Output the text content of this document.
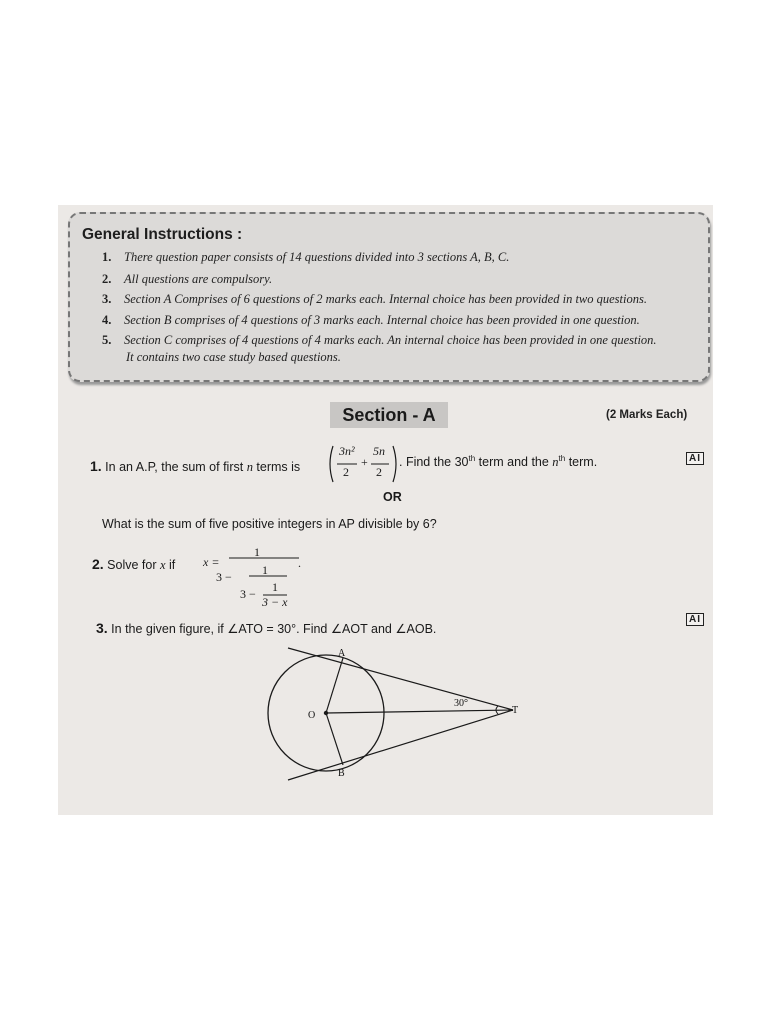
General Instructions :
1. There question paper consists of 14 questions divided into 3 sections A, B, C.
2. All questions are compulsory.
3. Section A Comprises of 6 questions of 2 marks each. Internal choice has been provided in two questions.
4. Section B comprises of 4 questions of 3 marks each. Internal choice has been provided in one question.
5. Section C comprises of 4 questions of 4 marks each. An internal choice has been provided in one question.
It contains two case study based questions.
Section - A	(2 Marks Each)
1. In an A.P, the sum of first n terms is
3n²
2
+
5n
2
. Find the 30th term and the $n^{th}$ term.	AI
OR
What is the sum of five positive integers in AP divisible by 6?
2. Solve for x if x =
1
3 −	1
3 − 1
3 − x
.
3. In the given figure, if ∠ATO = 30°. Find ∠AOT and ∠AOB.
AI
A
B
O	T
30°
